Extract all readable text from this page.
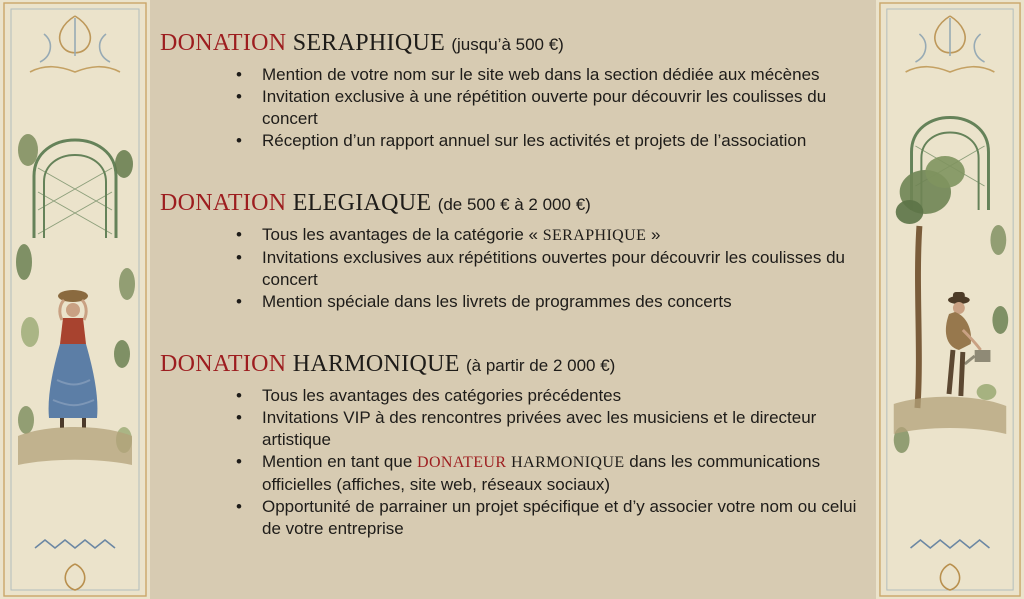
DONATION SERAPHIQUE (jusqu’à 500 €)
• Mention de votre nom sur le site web dans la section dédiée aux mécènes
• Invitation exclusive à une répétition ouverte pour découvrir les coulisses du concert
• Réception d’un rapport annuel sur les activités et projets de l’association
DONATION ELEGIAQUE (de 500 € à 2 000 €)
• Tous les avantages de la catégorie « SERAPHIQUE »
• Invitations exclusives aux répétitions ouvertes pour découvrir les coulisses du concert
• Mention spéciale dans les livrets de programmes des concerts
DONATION HARMONIQUE (à partir de 2 000 €)
• Tous les avantages des catégories précédentes
• Invitations VIP à des rencontres privées avec les musiciens et le directeur artistique
• Mention en tant que DONATEUR HARMONIQUE dans les communications officielles (affiches, site web, réseaux sociaux)
• Opportunité de parrainer un projet spécifique et d’y associer votre nom ou celui de votre entreprise
